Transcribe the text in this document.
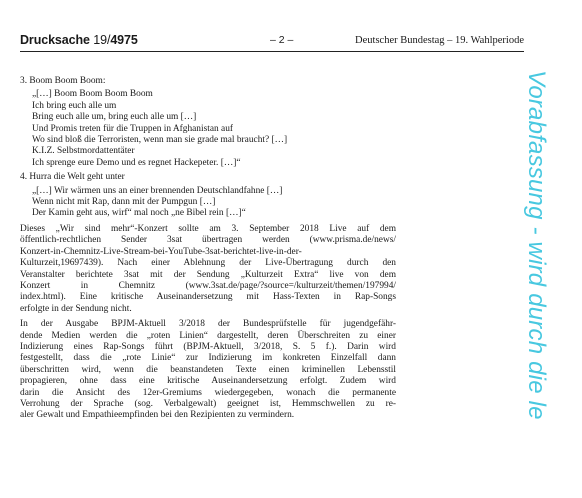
Drucksache 19/4975	– 2 –	Deutscher Bundestag – 19. Wahlperiode
3. Boom Boom Boom:
„[…] Boom Boom Boom Boom
Ich bring euch alle um
Bring euch alle um, bring euch alle um […]
Und Promis treten für die Truppen in Afghanistan auf
Wo sind bloß die Terroristen, wenn man sie grade mal braucht? […]
K.I.Z. Selbstmordattentäter
Ich sprenge eure Demo und es regnet Hackepeter. […]“
4. Hurra die Welt geht unter
„[…] Wir wärmen uns an einer brennenden Deutschlandfahne […]
Wenn nicht mit Rap, dann mit der Pumpgun […]
Der Kamin geht aus, wirf“ mal noch „ne Bibel rein […]“
Dieses „Wir sind mehr“-Konzert sollte am 3. September 2018 Live auf dem
öffentlich-rechtlichen Sender 3sat übertragen werden (www.prisma.de/news/
Konzert-in-Chemnitz-Live-Stream-bei-YouTube-3sat-berichtet-live-in-der-
Kulturzeit,19697439). Nach einer Ablehnung der Live-Übertragung durch den
Veranstalter berichtete 3sat mit der Sendung „Kulturzeit Extra“ live von dem
Konzert in Chemnitz (www.3sat.de/page/?source=/kulturzeit/themen/197994/
index.html). Eine kritische Auseinandersetzung mit Hass-Texten in Rap-Songs
erfolgte in der Sendung nicht.
In der Ausgabe BPJM-Aktuell 3/2018 der Bundesprüfstelle für jugendgefähr-
dende Medien werden die „roten Linien“ dargestellt, deren Überschreiten zu einer
Indizierung eines Rap-Songs führt (BPJM-Aktuell, 3/2018, S. 5 f.). Darin wird
festgestellt, dass die „rote Linie“ zur Indizierung im konkreten Einzelfall dann
überschritten wird, wenn die beanstandeten Texte einen kriminellen Lebensstil
propagieren, ohne dass eine kritische Auseinandersetzung erfolgt. Zudem wird
darin die Ansicht des 12er-Gremiums wiedergegeben, wonach die permanente
Verrohung der Sprache (sog. Verbalgewalt) geeignet ist, Hemmschwellen zu re-
aler Gewalt und Empathieempfinden bei den Rezipienten zu vermindern.	Vorabfassung - wird durch die le
